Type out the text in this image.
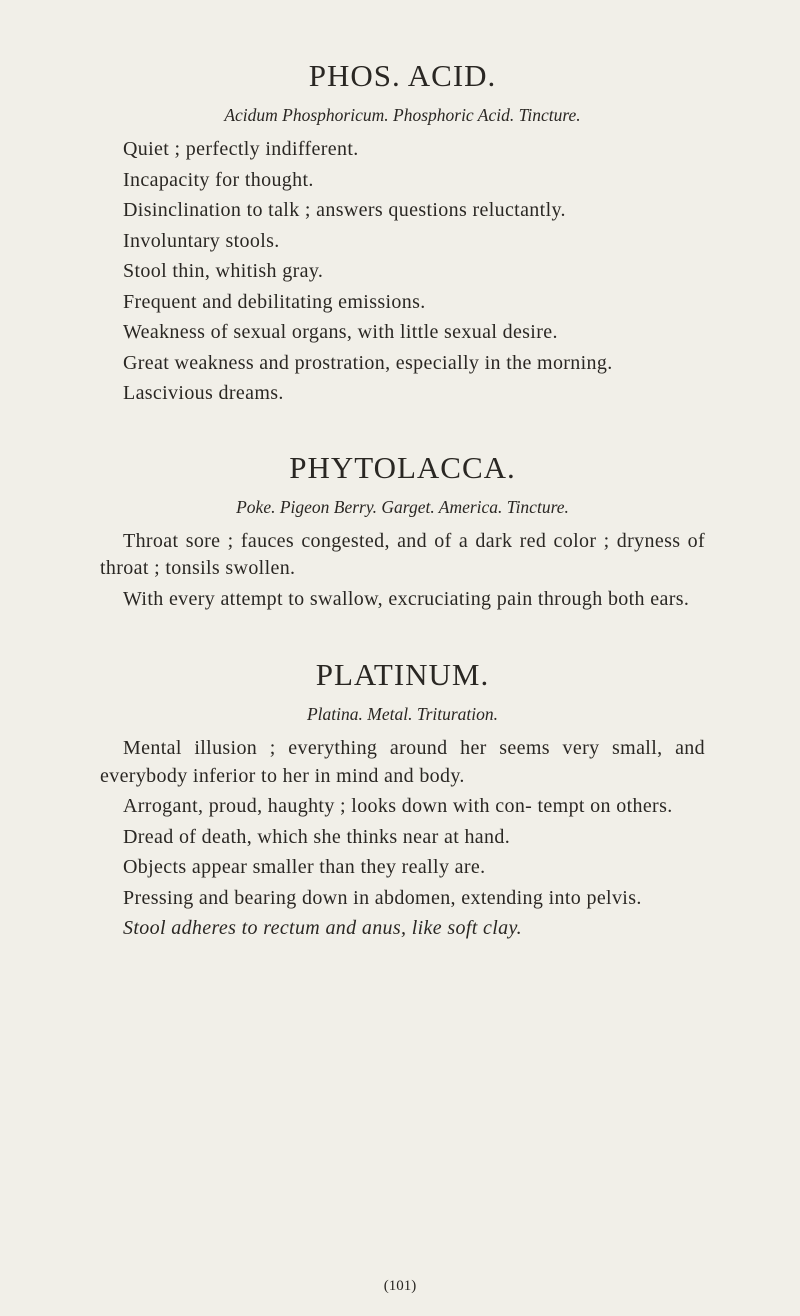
PHOS. ACID.
Acidum Phosphoricum. Phosphoric Acid. Tincture.

Quiet ; perfectly indifferent.

Incapacity for thought.

Disinclination to talk ; answers questions reluctantly.

Involuntary stools.

Stool thin, whitish gray.

Frequent and debilitating emissions.

Weakness of sexual organs, with little sexual desire.

Great weakness and prostration, especially in the morning.

Lascivious dreams.

PHYTOLACCA.
Poke. Pigeon Berry. Garget. America. Tincture.

Throat sore ; fauces congested, and of a dark red color ; dryness of throat ; tonsils swollen.

With every attempt to swallow, excruciating pain through both ears.

PLATINUM.
Platina. Metal. Trituration.

Mental illusion ; everything around her seems very small, and everybody inferior to her in mind and body.

Arrogant, proud, haughty ; looks down with con- tempt on others.

Dread of death, which she thinks near at hand.

Objects appear smaller than they really are.

Pressing and bearing down in abdomen, extending into pelvis.

Stool adheres to rectum and anus, like soft clay.

(101)
